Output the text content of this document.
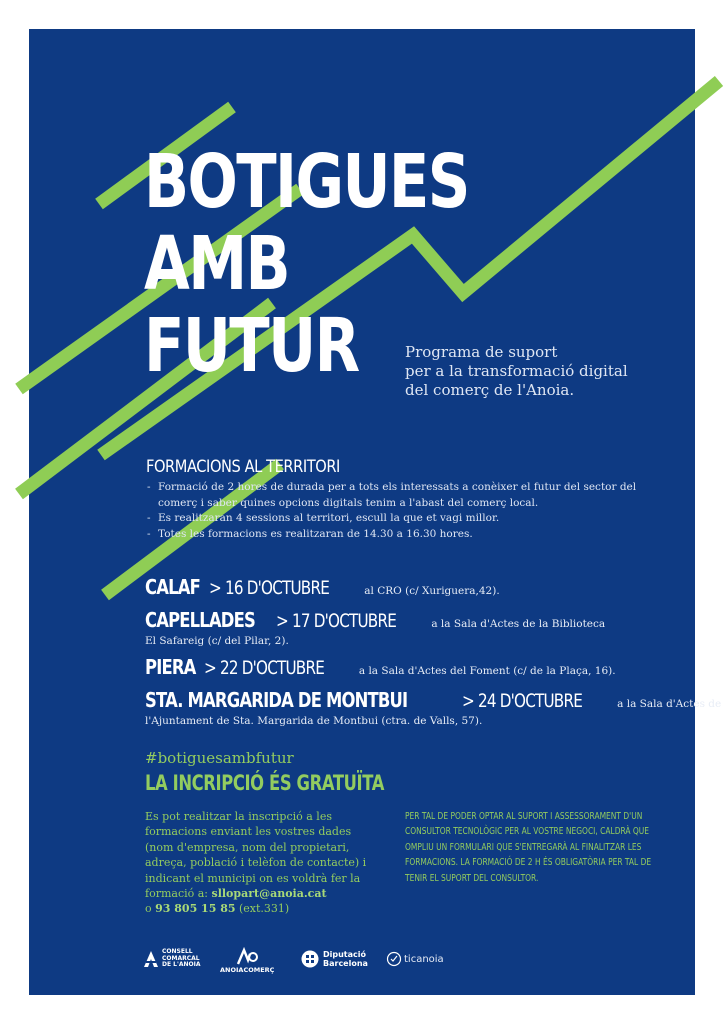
BOTIGUES
AMB
FUTUR	Programa de suport
per a la transformació digital
del comerç de l'Anoia.
FORMACIONS AL TERRITORI
- Formació de 2 hores de durada per a tots els interessats a conèixer el futur del sector del comerç i saber quines opcions digitals tenim a l'abast del comerç local.
- Es realitzaran 4 sessions al territori, escull la que et vagi millor.
- Totes les formacions es realitzaran de 14.30 a 16.30 hores.
CALAF > 16 D'OCTUBRE	al CRO (c/ Xuriguera,42).
CAPELLADES > 17 D'OCTUBRE	a la Sala d'Actes de la Biblioteca
El Safareig (c/ del Pilar, 2).
PIERA > 22 D'OCTUBRE	a la Sala d'Actes del Foment (c/ de la Plaça, 16).
STA. MARGARIDA DE MONTBUI	> 24 D'OCTUBRE	a la Sala d'Actes de
l'Ajuntament de Sta. Margarida de Montbui (ctra. de Valls, 57).
#botiguesambfutur
LA INCRIPCIÓ ÉS GRATUÏTA
Es pot realitzar la inscripció a les
formacions enviant les vostres dades
(nom d'empresa, nom del propietari,
adreça, població i telèfon de contacte) i
indicant el municipi on es voldrà fer la
formació a: sllopart@anoia.cat
o 93 805 15 85 (ext.331)
PER TAL DE PODER OPTAR AL SUPORT I ASSESSORAMENT D'UN
CONSULTOR TECNOLÒGIC PER AL VOSTRE NEGOCI, CALDRÀ QUE
OMPLIU UN FORMULARI QUE S'ENTREGARÀ AL FINALITZAR LES
FORMACIONS. LA FORMACIÓ DE 2 H ÉS OBLIGATÒRIA PER TAL DE
TENIR EL SUPORT DEL CONSULTOR.
CONSELL
COMARCAL
DE L'ANOIA
ANOIACOMERÇ
Diputació
Barcelona	ticanoia
